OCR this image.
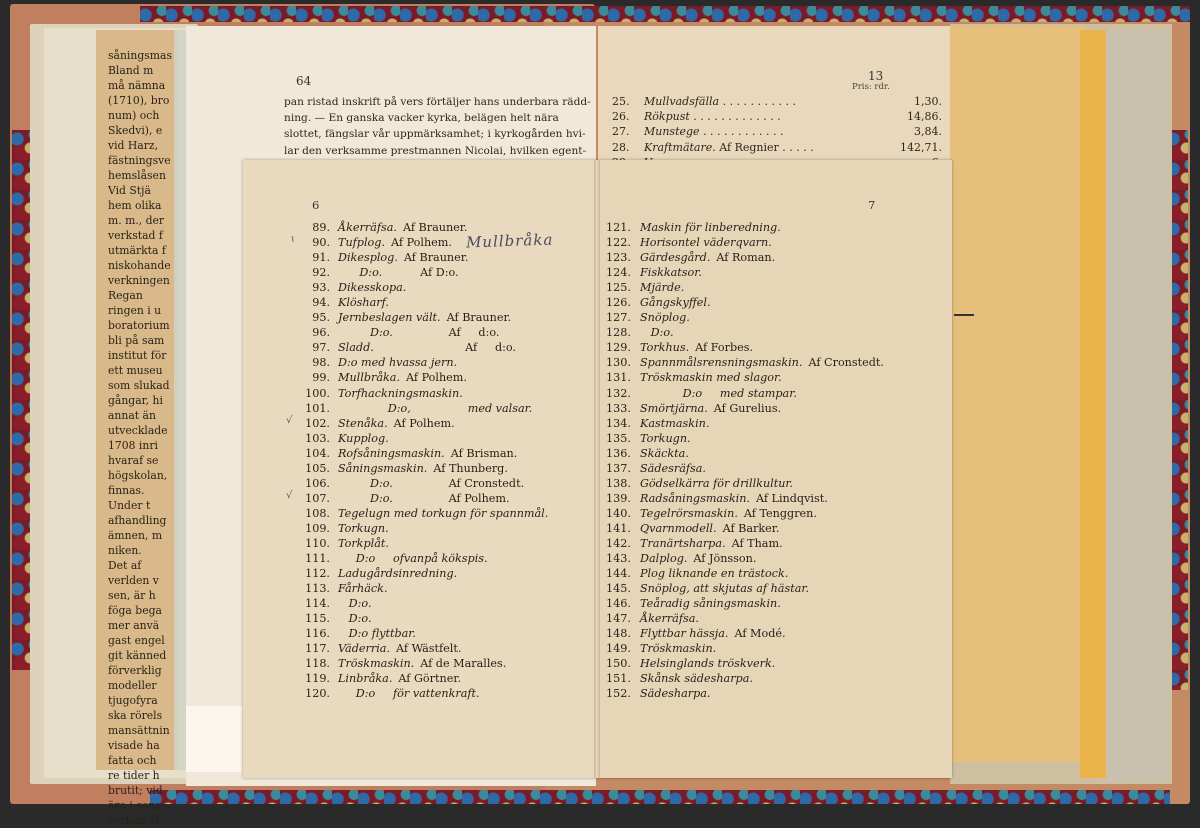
såningsmas
Bland m
må nämna
(1710), bro
num) och
Skedvi), e
vid Harz,
fästningsve
hemslåsen
Vid Stjä
hem olika
m. m., der
verkstad f
utmärkta f
niskohande
verkningen
Regan
ringen i u
boratorium
bli på sam
institut för
ett museu
som slukad
gångar, hi
annat än
utvecklade
1708 inri
hvaraf se
högskolan,
finnas.
Under t
afhandling
ämnen, m
niken.
Det af
verlden v
sen, är h
föga bega
mer anvä
gast engel
git känned
förverklig
modeller
tjugofyra
ska rörels
mansättnin
visade ha
fatta och
re tider h
brutit; vid
äro i sena
verkan af
64
pan ristad inskrift på vers förtäljer hans underbara rädd-
ning. — En ganska vacker kyrka, belägen helt nära
slottet, fängslar vår uppmärksamhet; i kyrkogården hvi-
lar den verksamme prestmannen Nicolai, hvilken egent-
13
Pris: rdr.
25.	Mullvadsfälla . . . . . . . . . . .	1,30.
26.	Rökpust . . . . . . . . . . . . .	14,86.
27.	Munstege . . . . . . . . . . . .	3,84.
28.	Kraftmätare. Af Regnier . . . . .	142,71.
6	7
89. Åkerräfsa. Af Brauner.
90. Tufplog. Af Polhem.
91. Dikesplog. Af Brauner.
92. D:o. Af D:o.
93. Dikesskopa.
94. Klösharf.
95. Jernbeslagen vält. Af Brauner.
96. D:o. Af     d:o.
97. Sladd. Af     d:o.
98. D:o med hvassa jern.
99. Mullbråka. Af Polhem.
100. Torfhackningsmaskin.
101. D:o,                med valsar.
102. Stenåka. Af Polhem.
103. Kupplog.
104. Rofsåningsmaskin. Af Brisman.
105. Såningsmaskin. Af Thunberg.
106. D:o. Af Cronstedt.
107. D:o. Af Polhem.
108. Tegelugn med torkugn för spannmål.
109. Torkugn.
110. Torkplåt.
111. D:o     ofvanpå kökspis.
112. Ladugårdsinredning.
113. Fårhäck.
114. D:o.
115. D:o.
116. D:o flyttbar.
117. Väderria. Af Wästfelt.
118. Tröskmaskin. Af de Maralles.
119. Linbråka. Af Görtner.
120. D:o     för vattenkraft.
121. Maskin för linberedning.
122. Horisontel väderqvarn.
123. Gärdesgård. Af Roman.
124. Fiskkatsor.
125. Mjärde.
126. Gångskyffel.
127. Snöplog.
128. D:o.
129. Torkhus. Af Forbes.
130. Spannmålsrensningsmaskin. Af Cronstedt.
131. Tröskmaskin med slagor.
132. D:o     med stampar.
133. Smörtjärna. Af Gurelius.
134. Kastmaskin.
135. Torkugn.
136. Skäckta.
137. Sädesräfsa.
138. Gödselkärra för drillkultur.
139. Radsåningsmaskin. Af Lindqvist.
140. Tegelrörsmaskin. Af Tenggren.
141. Qvarnmodell. Af Barker.
142. Tranärtsharpa. Af Tham.
143. Dalplog. Af Jönsson.
144. Plog liknande en trästock.
145. Snöplog, att skjutas af hästar.
146. Teåradig såningsmaskin.
147. Åkerräfsa.
148. Flyttbar hässja. Af Modé.
149. Tröskmaskin.
150. Helsinglands tröskverk.
151. Skånsk sädesharpa.
152. Sädesharpa.
Mullbråka
ɩ
√
√
